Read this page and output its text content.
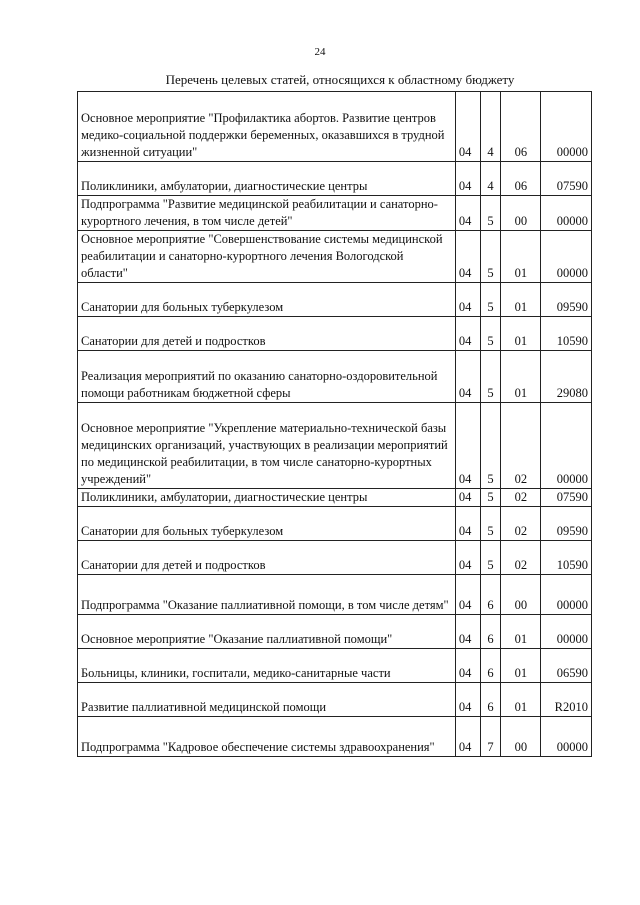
24
Перечень целевых статей, относящихся к областному бюджету
Основное мероприятие "Профилактика абортов. Развитие центров медико-социальной поддержки беременных, оказавшихся в трудной жизненной ситуации"	04	4	06	00000
Поликлиники, амбулатории, диагностические центры	04	4	06	07590
Подпрограмма "Развитие медицинской реабилитации и санаторно-курортного лечения, в том числе детей"	04	5	00	00000
Основное мероприятие "Совершенствование системы медицинской реабилитации и санаторно-курортного лечения Вологодской области"	04	5	01	00000
Санатории для больных туберкулезом	04	5	01	09590
Санатории для детей и подростков	04	5	01	10590
Реализация мероприятий по оказанию санаторно-оздоровительной помощи работникам бюджетной сферы	04	5	01	29080
Основное мероприятие "Укрепление материально-технической базы медицинских организаций, участвующих в реализации мероприятий по медицинской реабилитации, в том числе санаторно-курортных учреждений"	04	5	02	00000
Поликлиники, амбулатории, диагностические центры	04	5	02	07590
Санатории для больных туберкулезом	04	5	02	09590
Санатории для детей и подростков	04	5	02	10590
Подпрограмма "Оказание паллиативной помощи, в том числе детям"	04	6	00	00000
Основное мероприятие "Оказание паллиативной помощи"	04	6	01	00000
Больницы, клиники, госпитали, медико-санитарные части	04	6	01	06590
Развитие паллиативной медицинской помощи	04	6	01	R2010
Подпрограмма "Кадровое обеспечение системы здравоохранения"	04	7	00	00000
